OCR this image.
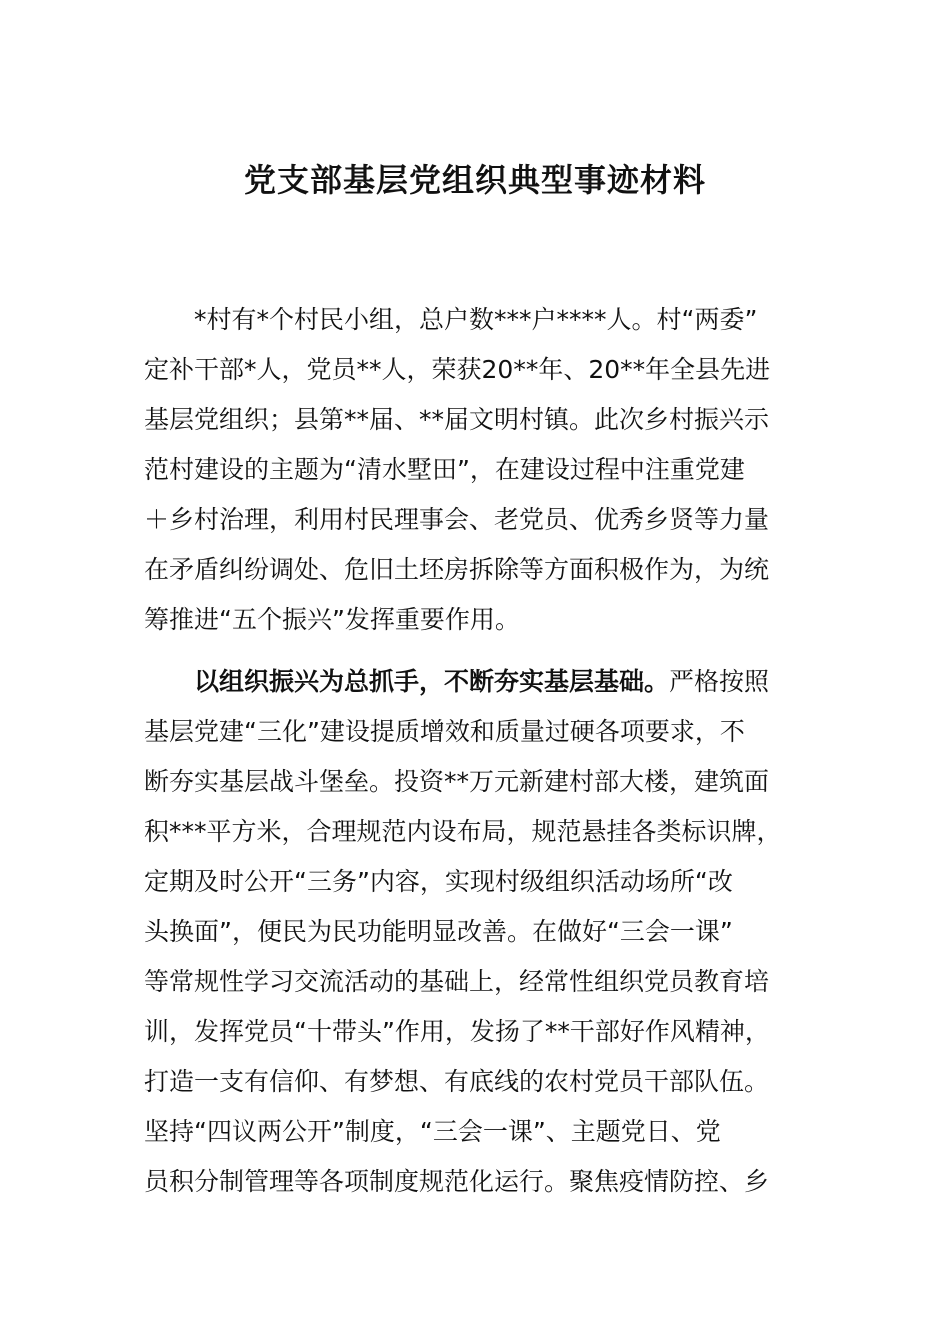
党支部基层党组织典型事迹材料
　　*村有*个村民小组，总户数***户****人。村“两委”
定补干部*人，党员**人，荣获20**年、20**年全县先进
基层党组织；县第**届、**届文明村镇。此次乡村振兴示
范村建设的主题为“清水墅田”，在建设过程中注重党建
＋乡村治理，利用村民理事会、老党员、优秀乡贤等力量
在矛盾纠纷调处、危旧土坯房拆除等方面积极作为，为统
筹推进“五个振兴”发挥重要作用。
　　以组织振兴为总抓手，不断夯实基层基础。严格按照
基层党建“三化”建设提质增效和质量过硬各项要求，不
断夯实基层战斗堡垒。投资**万元新建村部大楼，建筑面
积***平方米，合理规范内设布局，规范悬挂各类标识牌，
定期及时公开“三务”内容，实现村级组织活动场所“改
头换面”，便民为民功能明显改善。在做好“三会一课”
等常规性学习交流活动的基础上，经常性组织党员教育培
训，发挥党员“十带头”作用，发扬了**干部好作风精神，
打造一支有信仰、有梦想、有底线的农村党员干部队伍。
坚持“四议两公开”制度，“三会一课”、主题党日、党
员积分制管理等各项制度规范化运行。聚焦疫情防控、乡
